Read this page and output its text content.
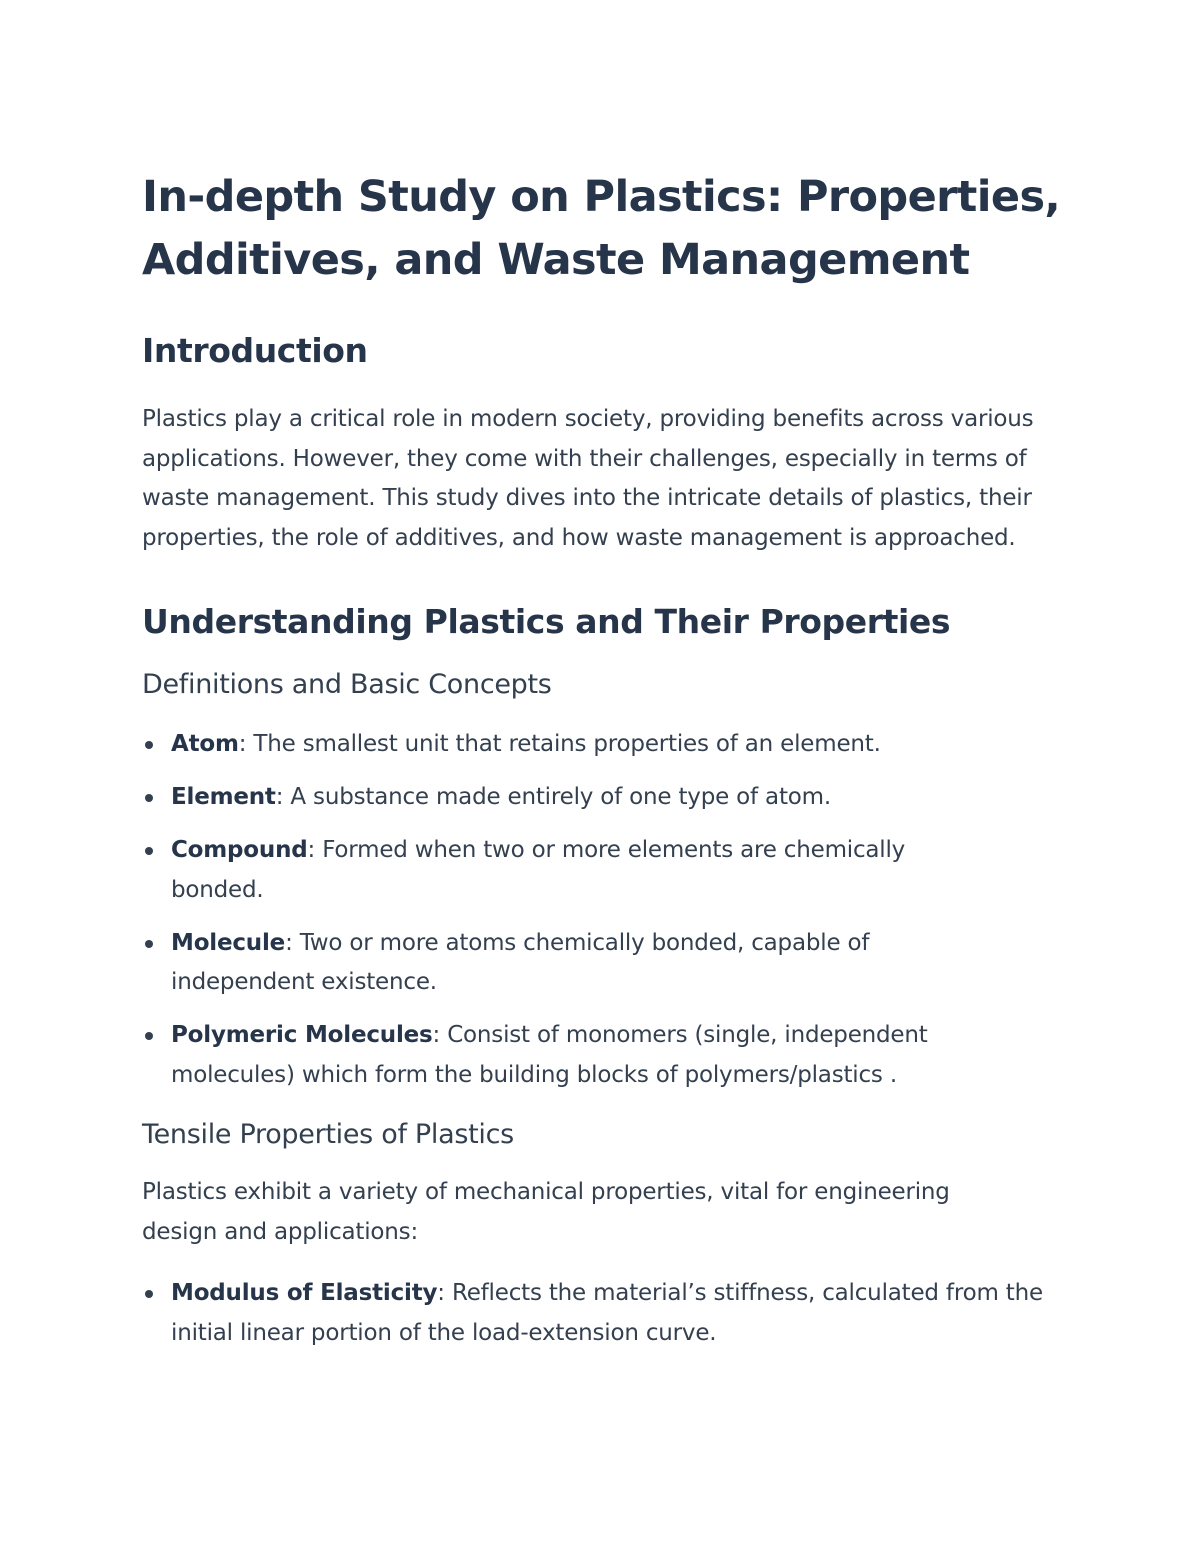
In-depth Study on Plastics: Properties, Additives, and Waste Management
Introduction

Plastics play a critical role in modern society, providing benefits across various applications. However, they come with their challenges, especially in terms of waste management. This study dives into the intricate details of plastics, their properties, the role of additives, and how waste management is approached.

Understanding Plastics and Their Properties
Definitions and Basic Concepts
Atom: The smallest unit that retains properties of an element.
Element: A substance made entirely of one type of atom.
Compound: Formed when two or more elements are chemically bonded.
Molecule: Two or more atoms chemically bonded, capable of independent existence.
Polymeric Molecules: Consist of monomers (single, independent molecules) which form the building blocks of polymers/plastics .
Tensile Properties of Plastics

Plastics exhibit a variety of mechanical properties, vital for engineering design and applications:

Modulus of Elasticity: Reflects the material’s stiffness, calculated from the initial linear portion of the load-extension curve.
